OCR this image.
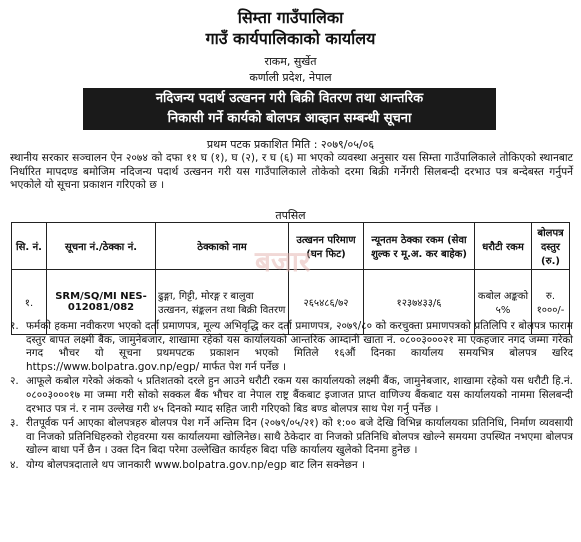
सिम्ता गाउँपालिका
गाउँ कार्यपालिकाको कार्यालय
राकम, सुर्खेत
कर्णाली प्रदेश, नेपाल
नदिजन्य पदार्थ उत्खनन गरी बिक्री वितरण तथा आन्तरिक
निकासी गर्ने कार्यको बोलपत्र आव्हान सम्बन्धी सूचना
प्रथम पटक प्रकाशित मिति : २०७९/०५/०६
स्थानीय सरकार सञ्चालन ऐन २०७४ को दफा ११ घ (१), घ (२), र घ (६) मा भएको व्यवस्था अनुसार यस सिम्ता गाउँपालिकाले तोकिएको स्थानबाट निर्धारित मापदण्ड बमोजिम नदिजन्य पदार्थ उत्खनन गरी यस गाउँपालिकाले तोकेको दरमा बिक्री गर्नेगरी सिलबन्दी दरभाउ पत्र बन्देबस्त गर्नुपर्ने भएकोले यो सूचना प्रकाशन गरिएको छ ।
तपसिल
सि. नं.	सूचना नं./ठेक्का नं.	ठेक्काको नाम	उत्खनन परिमाण (घन फिट)	न्यूनतम ठेक्का रकम (सेवा शुल्क र मू.अ. कर बाहेक)	धरौटी रकम	बोलपत्र दस्तुर (रु.)
१.	SRM/SQ/MI NES-012081/082	ढुङ्गा, गिट्टी, मोरङ्ग र बालुवा उत्खनन, संङ्कलन तथा बिक्री वितरण	२६५४८६/७२	१२३७४३३/६	कबोल अङ्कको ५%	रु. १०००/-
बजार
१. फर्मको हकमा नवीकरण भएको दर्ता प्रमाणपत्र, मूल्य अभिवृद्धि कर दर्ता प्रमाणपत्र, २०७९/८० को करचुक्ता प्रमाणपत्रको प्रतिलिपि र बोलपत्र फाराम दस्तुर बापत लक्ष्मी बैंक, जामुनेबजार, शाखामा रहेको यस कार्यालयको आन्तरिक आम्दानी खाता नं. ०८००३०००२१ मा एकहजार नगद जम्मा गरेको नगद भौचर यो सूचना प्रथमपटक प्रकाशन भएको मितिले १६औं दिनका कार्यालय समयभित्र बोलपत्र खरिद https://www.bolpatra.gov.np/egp/ मार्फत पेश गर्न पर्नेछ ।
२. आफूले कबोल गरेको अंकको ५ प्रतिशतको दरले हुन आउने धरौटी रकम यस कार्यालयको लक्ष्मी बैंक, जामुनेबजार, शाखामा रहेको यस धरौटी हि.नं. ०८००३०००१७ मा जम्मा गरी सोको सक्कल बैंक भौचर वा नेपाल राष्ट्र बैंकबाट इजाजत प्राप्त वाणिज्य बैंकबाट यस कार्यालयको नाममा सिलबन्दी दरभाउ पत्र नं. र नाम उल्लेख गरी ४५ दिनको म्याद सहित जारी गरिएको बिड बण्ड बोलपत्र साथ पेश गर्नु पर्नेछ ।
३. रीतपूर्वक पर्न आएका बोलपत्रहरु बोलपत्र पेश गर्ने अन्तिम दिन (२०७९/०५/२१) को १:०० बजे देखि विभिन्न कार्यालयका प्रतिनिधि, निर्माण व्यवसायी वा निजको प्रतिनिधिहरुको रोहवरमा यस कार्यालयमा खोलिनेछ। साथै ठेकेदार वा निजको प्रतिनिधि बोलपत्र खोल्ने समयमा उपस्थित नभएमा बोलपत्र खोल्न बाधा पर्ने छैन । उक्त दिन बिदा परेमा उल्लेखित कार्यहरु बिदा पछि कार्यालय खुलेको दिनमा हुनेछ ।
४. योग्य बोलपत्रदाताले थप जानकारी www.bolpatra.gov.np/egp बाट लिन सक्नेछन ।
